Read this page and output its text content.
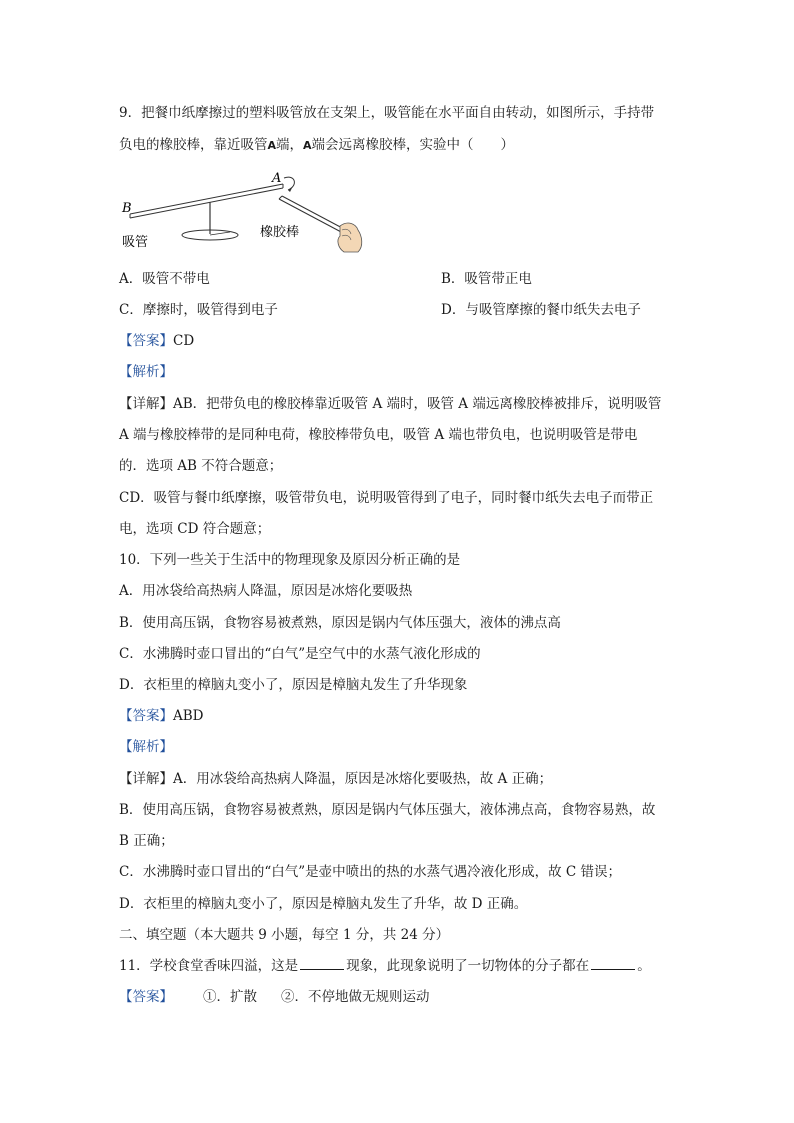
9．把餐巾纸摩擦过的塑料吸管放在支架上，吸管能在水平面自由转动，如图所示，手持带
负电的橡胶棒，靠近吸管A端，A端会远离橡胶棒，实验中（　　）
B
A
吸管
橡胶棒
A．吸管不带电	B．吸管带正电
C．摩擦时，吸管得到电子	D．与吸管摩擦的餐巾纸失去电子
【答案】CD
【解析】
【详解】AB．把带负电的橡胶棒靠近吸管 A 端时，吸管 A 端远离橡胶棒被排斥，说明吸管
A 端与橡胶棒带的是同种电荷，橡胶棒带负电，吸管 A 端也带负电，也说明吸管是带电
的．选项 AB 不符合题意；
CD．吸管与餐巾纸摩擦，吸管带负电，说明吸管得到了电子，同时餐巾纸失去电子而带正
电，选项 CD 符合题意；
10．下列一些关于生活中的物理现象及原因分析正确的是
A．用冰袋给高热病人降温，原因是冰熔化要吸热
B．使用高压锅，食物容易被煮熟，原因是锅内气体压强大，液体的沸点高
C．水沸腾时壶口冒出的“白气”是空气中的水蒸气液化形成的
D．衣柜里的樟脑丸变小了，原因是樟脑丸发生了升华现象
【答案】ABD
【解析】
【详解】A．用冰袋给高热病人降温，原因是冰熔化要吸热，故 A 正确；
B．使用高压锅，食物容易被煮熟，原因是锅内气体压强大，液体沸点高，食物容易熟，故
B 正确；
C．水沸腾时壶口冒出的“白气”是壶中喷出的热的水蒸气遇冷液化形成，故 C 错误；
D．衣柜里的樟脑丸变小了，原因是樟脑丸发生了升华，故 D 正确。
二、填空题（本大题共 9 小题，每空 1 分，共 24 分）
11．学校食堂香味四溢，这是	现象，此现象说明了一切物体的分子都在	。
【答案】 ①．扩散 ②．不停地做无规则运动
